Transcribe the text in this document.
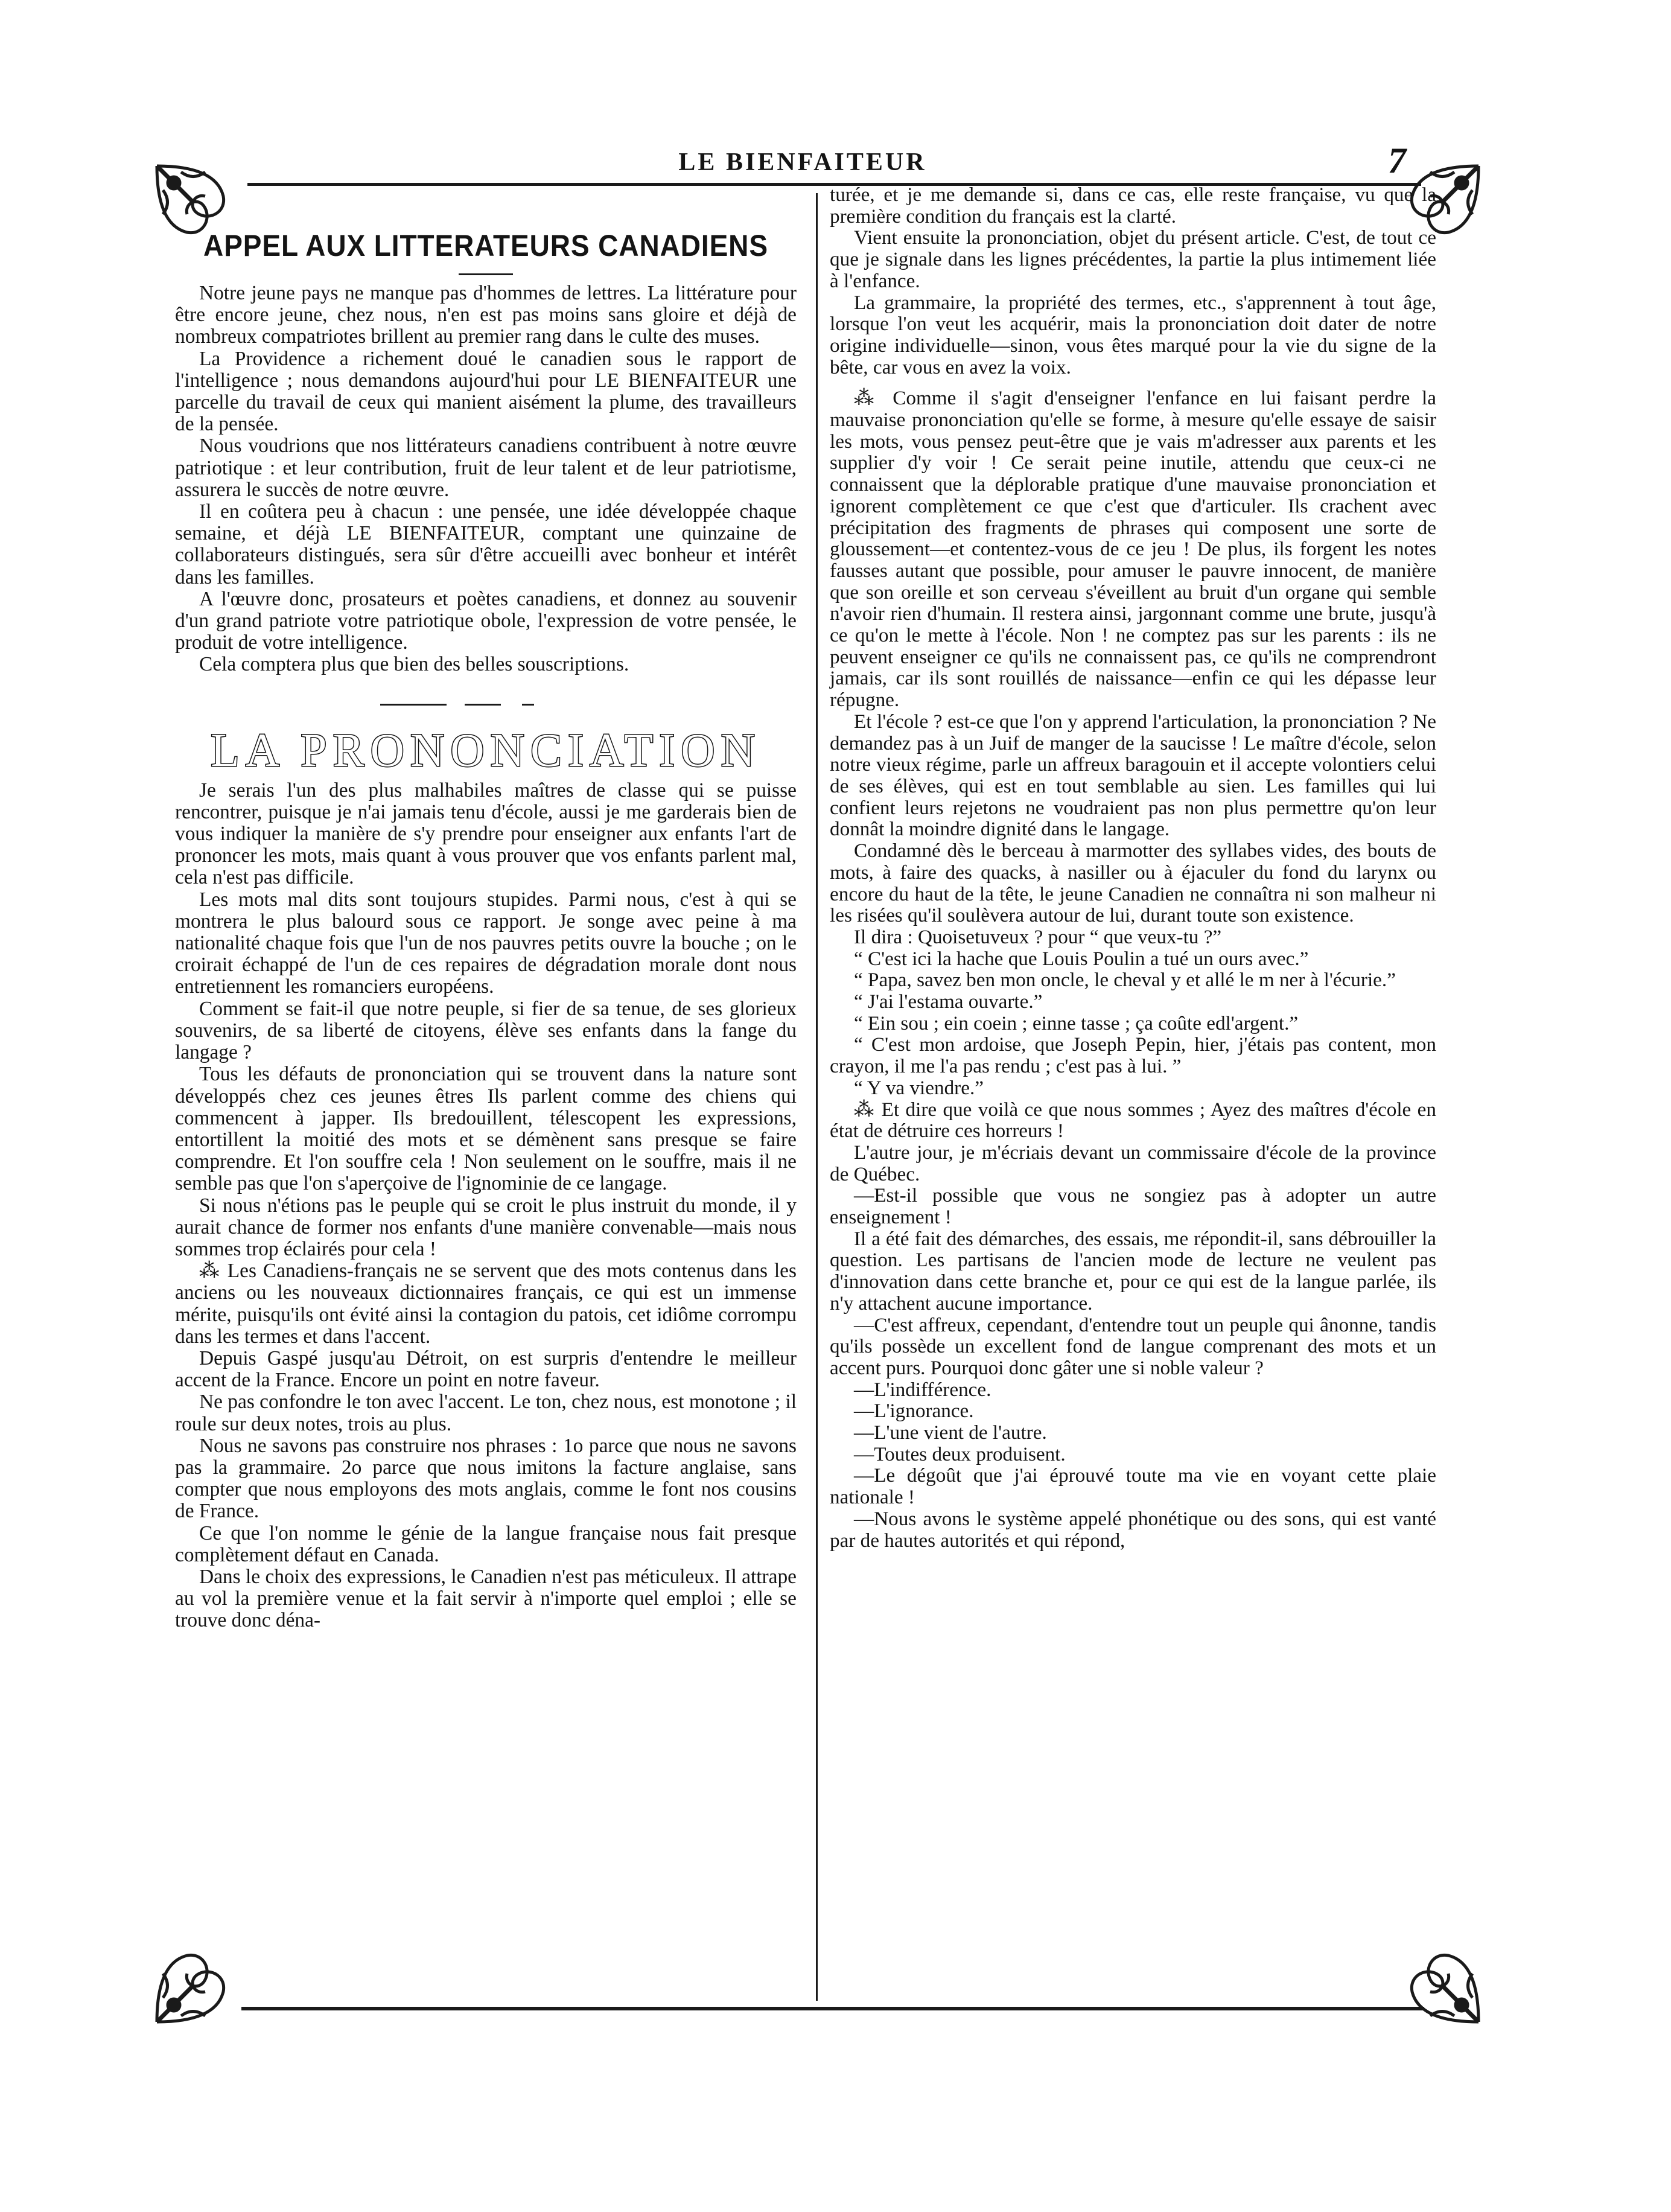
LE BIENFAITEUR	7
APPEL AUX LITTERATEURS CANADIENS

Notre jeune pays ne manque pas d'hommes de lettres. La littérature pour être encore jeune, chez nous, n'en est pas moins sans gloire et déjà de nombreux compatriotes brillent au premier rang dans le culte des muses.

La Providence a richement doué le canadien sous le rapport de l'intelligence ; nous demandons aujourd'hui pour LE BIENFAITEUR une parcelle du travail de ceux qui manient aisément la plume, des travailleurs de la pensée.

Nous voudrions que nos littérateurs canadiens contribuent à notre œuvre patriotique : et leur contribution, fruit de leur talent et de leur patriotisme, assurera le succès de notre œuvre.

Il en coûtera peu à chacun : une pensée, une idée développée chaque semaine, et déjà LE BIENFAITEUR, comptant une quinzaine de collaborateurs distingués, sera sûr d'être accueilli avec bonheur et intérêt dans les familles.

A l'œuvre donc, prosateurs et poètes canadiens, et donnez au souvenir d'un grand patriote votre patriotique obole, l'expression de votre pensée, le produit de votre intelligence.

Cela comptera plus que bien des belles souscriptions.

LA PRONONCIATION

Je serais l'un des plus malhabiles maîtres de classe qui se puisse rencontrer, puisque je n'ai jamais tenu d'école, aussi je me garderais bien de vous indiquer la manière de s'y prendre pour enseigner aux enfants l'art de prononcer les mots, mais quant à vous prouver que vos enfants parlent mal, cela n'est pas difficile.

Les mots mal dits sont toujours stupides. Parmi nous, c'est à qui se montrera le plus balourd sous ce rapport. Je songe avec peine à ma nationalité chaque fois que l'un de nos pauvres petits ouvre la bouche ; on le croirait échappé de l'un de ces repaires de dégradation morale dont nous entretiennent les romanciers européens.

Comment se fait-il que notre peuple, si fier de sa tenue, de ses glorieux souvenirs, de sa liberté de citoyens, élève ses enfants dans la fange du langage ?

Tous les défauts de prononciation qui se trouvent dans la nature sont développés chez ces jeunes êtres Ils parlent comme des chiens qui commencent à japper. Ils bredouillent, télescopent les expressions, entortillent la moitié des mots et se démènent sans presque se faire comprendre. Et l'on souffre cela ! Non seulement on le souffre, mais il ne semble pas que l'on s'aperçoive de l'ignominie de ce langage.

Si nous n'étions pas le peuple qui se croit le plus instruit du monde, il y aurait chance de former nos enfants d'une manière convenable—mais nous sommes trop éclairés pour cela !

⁂ Les Canadiens-français ne se servent que des mots contenus dans les anciens ou les nouveaux dictionnaires français, ce qui est un immense mérite, puisqu'ils ont évité ainsi la contagion du patois, cet idiôme corrompu dans les termes et dans l'accent.

Depuis Gaspé jusqu'au Détroit, on est surpris d'entendre le meilleur accent de la France. Encore un point en notre faveur.

Ne pas confondre le ton avec l'accent. Le ton, chez nous, est monotone ; il roule sur deux notes, trois au plus.

Nous ne savons pas construire nos phrases : 1o parce que nous ne savons pas la grammaire. 2o parce que nous imitons la facture anglaise, sans compter que nous employons des mots anglais, comme le font nos cousins de France.

Ce que l'on nomme le génie de la langue française nous fait presque complètement défaut en Canada.

Dans le choix des expressions, le Canadien n'est pas méticuleux. Il attrape au vol la première venue et la fait servir à n'importe quel emploi ; elle se trouve donc déna-

turée, et je me demande si, dans ce cas, elle reste française, vu que la première condition du français est la clarté.

Vient ensuite la prononciation, objet du présent article. C'est, de tout ce que je signale dans les lignes précédentes, la partie la plus intimement liée à l'enfance.

La grammaire, la propriété des termes, etc., s'apprennent à tout âge, lorsque l'on veut les acquérir, mais la prononciation doit dater de notre origine individuelle—sinon, vous êtes marqué pour la vie du signe de la bête, car vous en avez la voix.

⁂ Comme il s'agit d'enseigner l'enfance en lui faisant perdre la mauvaise prononciation qu'elle se forme, à mesure qu'elle essaye de saisir les mots, vous pensez peut-être que je vais m'adresser aux parents et les supplier d'y voir ! Ce serait peine inutile, attendu que ceux-ci ne connaissent que la déplorable pratique d'une mauvaise prononciation et ignorent complètement ce que c'est que d'articuler. Ils crachent avec précipitation des fragments de phrases qui composent une sorte de gloussement—et contentez-vous de ce jeu ! De plus, ils forgent les notes fausses autant que possible, pour amuser le pauvre innocent, de manière que son oreille et son cerveau s'éveillent au bruit d'un organe qui semble n'avoir rien d'humain. Il restera ainsi, jargonnant comme une brute, jusqu'à ce qu'on le mette à l'école. Non ! ne comptez pas sur les parents : ils ne peuvent enseigner ce qu'ils ne connaissent pas, ce qu'ils ne comprendront jamais, car ils sont rouillés de naissance—enfin ce qui les dépasse leur répugne.

Et l'école ? est-ce que l'on y apprend l'articulation, la prononciation ? Ne demandez pas à un Juif de manger de la saucisse ! Le maître d'école, selon notre vieux régime, parle un affreux baragouin et il accepte volontiers celui de ses élèves, qui est en tout semblable au sien. Les familles qui lui confient leurs rejetons ne voudraient pas non plus permettre qu'on leur donnât la moindre dignité dans le langage.

Condamné dès le berceau à marmotter des syllabes vides, des bouts de mots, à faire des quacks, à nasiller ou à éjaculer du fond du larynx ou encore du haut de la tête, le jeune Canadien ne connaîtra ni son malheur ni les risées qu'il soulèvera autour de lui, durant toute son existence.

Il dira : Quoisetuveux ? pour “ que veux-tu ?”

“ C'est ici la hache que Louis Poulin a tué un ours avec.”

“ Papa, savez ben mon oncle, le cheval y et allé le m ner à l'écurie.”

“ J'ai l'estama ouvarte.”

“ Ein sou ; ein coein ; einne tasse ; ça coûte edl'argent.”

“ C'est mon ardoise, que Joseph Pepin, hier, j'étais pas content, mon crayon, il me l'a pas rendu ; c'est pas à lui. ”

“ Y va viendre.”

⁂ Et dire que voilà ce que nous sommes ; Ayez des maîtres d'école en état de détruire ces horreurs !

L'autre jour, je m'écriais devant un commissaire d'école de la province de Québec.

—Est-il possible que vous ne songiez pas à adopter un autre enseignement !

Il a été fait des démarches, des essais, me répondit-il, sans débrouiller la question. Les partisans de l'ancien mode de lecture ne veulent pas d'innovation dans cette branche et, pour ce qui est de la langue parlée, ils n'y attachent aucune importance.

—C'est affreux, cependant, d'entendre tout un peuple qui ânonne, tandis qu'ils possède un excellent fond de langue comprenant des mots et un accent purs. Pourquoi donc gâter une si noble valeur ?

—L'indifférence.

—L'ignorance.

—L'une vient de l'autre.

—Toutes deux produisent.

—Le dégoût que j'ai éprouvé toute ma vie en voyant cette plaie nationale !

—Nous avons le système appelé phonétique ou des sons, qui est vanté par de hautes autorités et qui répond,
